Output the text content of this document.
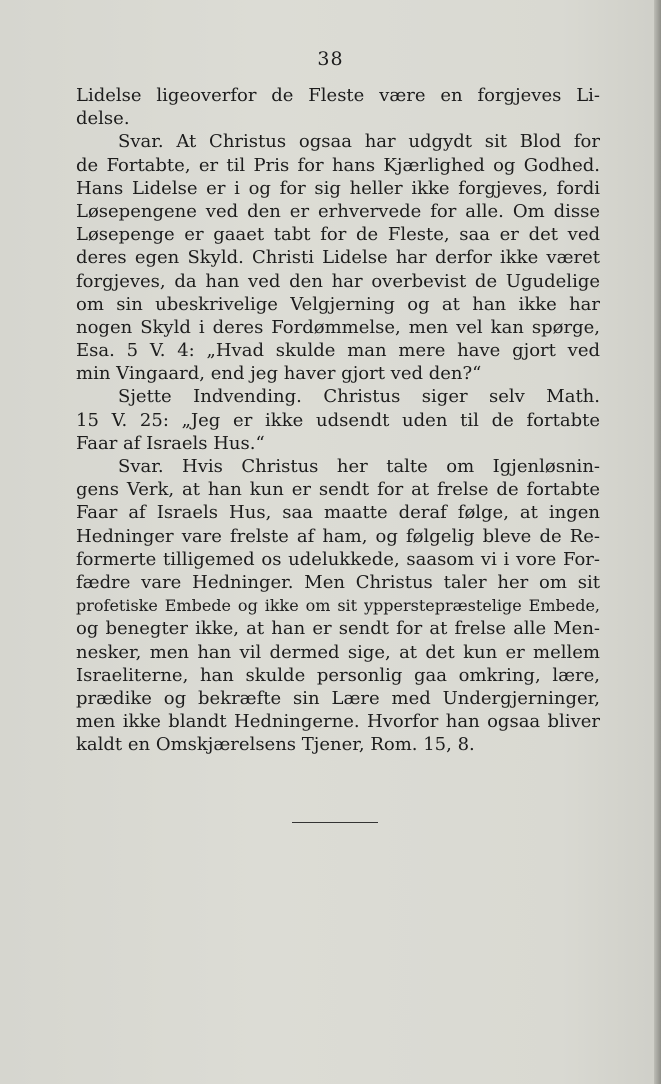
38
Lidelse ligeoverfor de Fleste være en forgjeves Li-
delse.
Svar. At Christus ogsaa har udgydt sit Blod for
de Fortabte, er til Pris for hans Kjærlighed og Godhed.
Hans Lidelse er i og for sig heller ikke forgjeves, fordi
Løsepengene ved den er erhvervede for alle. Om disse
Løsepenge er gaaet tabt for de Fleste, saa er det ved
deres egen Skyld. Christi Lidelse har derfor ikke været
forgjeves, da han ved den har overbevist de Ugudelige
om sin ubeskrivelige Velgjerning og at han ikke har
nogen Skyld i deres Fordømmelse, men vel kan spørge,
Esa. 5 V. 4: „Hvad skulde man mere have gjort ved
min Vingaard, end jeg haver gjort ved den?“
Sjette Indvending. Christus siger selv Math.
15 V. 25: „Jeg er ikke udsendt uden til de fortabte
Faar af Israels Hus.“
Svar. Hvis Christus her talte om Igjenløsnin-
gens Verk, at han kun er sendt for at frelse de fortabte
Faar af Israels Hus, saa maatte deraf følge, at ingen
Hedninger vare frelste af ham, og følgelig bleve de Re-
formerte tilligemed os udelukkede, saasom vi i vore For-
fædre vare Hedninger. Men Christus taler her om sit
profetiske Embede og ikke om sit ypperstepræstelige Embede,
og benegter ikke, at han er sendt for at frelse alle Men-
nesker, men han vil dermed sige, at det kun er mellem
Israeliterne, han skulde personlig gaa omkring, lære,
prædike og bekræfte sin Lære med Undergjerninger,
men ikke blandt Hedningerne. Hvorfor han ogsaa bliver
kaldt en Omskjærelsens Tjener, Rom. 15, 8.
